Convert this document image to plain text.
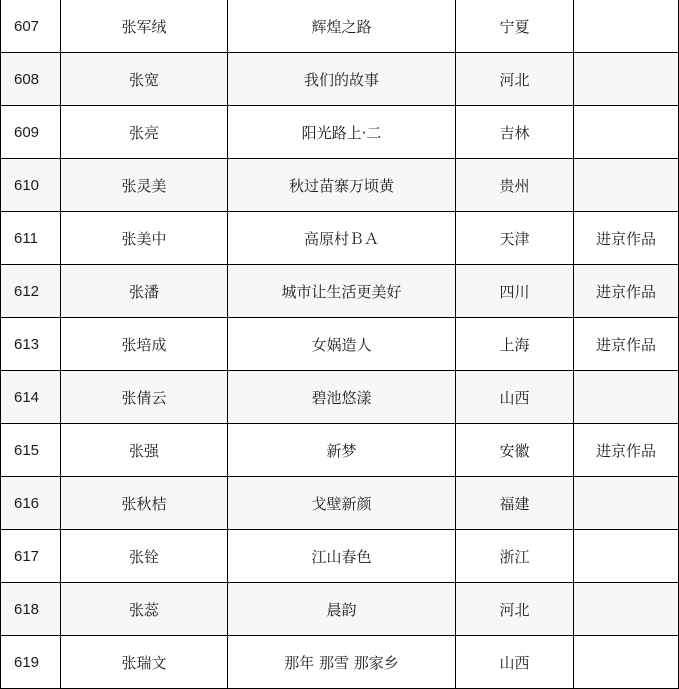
607	张军绒	辉煌之路	宁夏	
608	张宽	我们的故事	河北	
609	张亮	阳光路上·二	吉林	
610	张灵美	秋过苗寨万顷黄	贵州	
611	张美中	高原村ＢＡ	天津	进京作品
612	张潘	城市让生活更美好	四川	进京作品
613	张培成	女娲造人	上海	进京作品
614	张倩云	碧池悠漾	山西	
615	张强	新梦	安徽	进京作品
616	张秋桔	戈壁新颜	福建	
617	张铨	江山春色	浙江	
618	张蕊	晨韵	河北	
619	张瑞文	那年 那雪 那家乡	山西	
